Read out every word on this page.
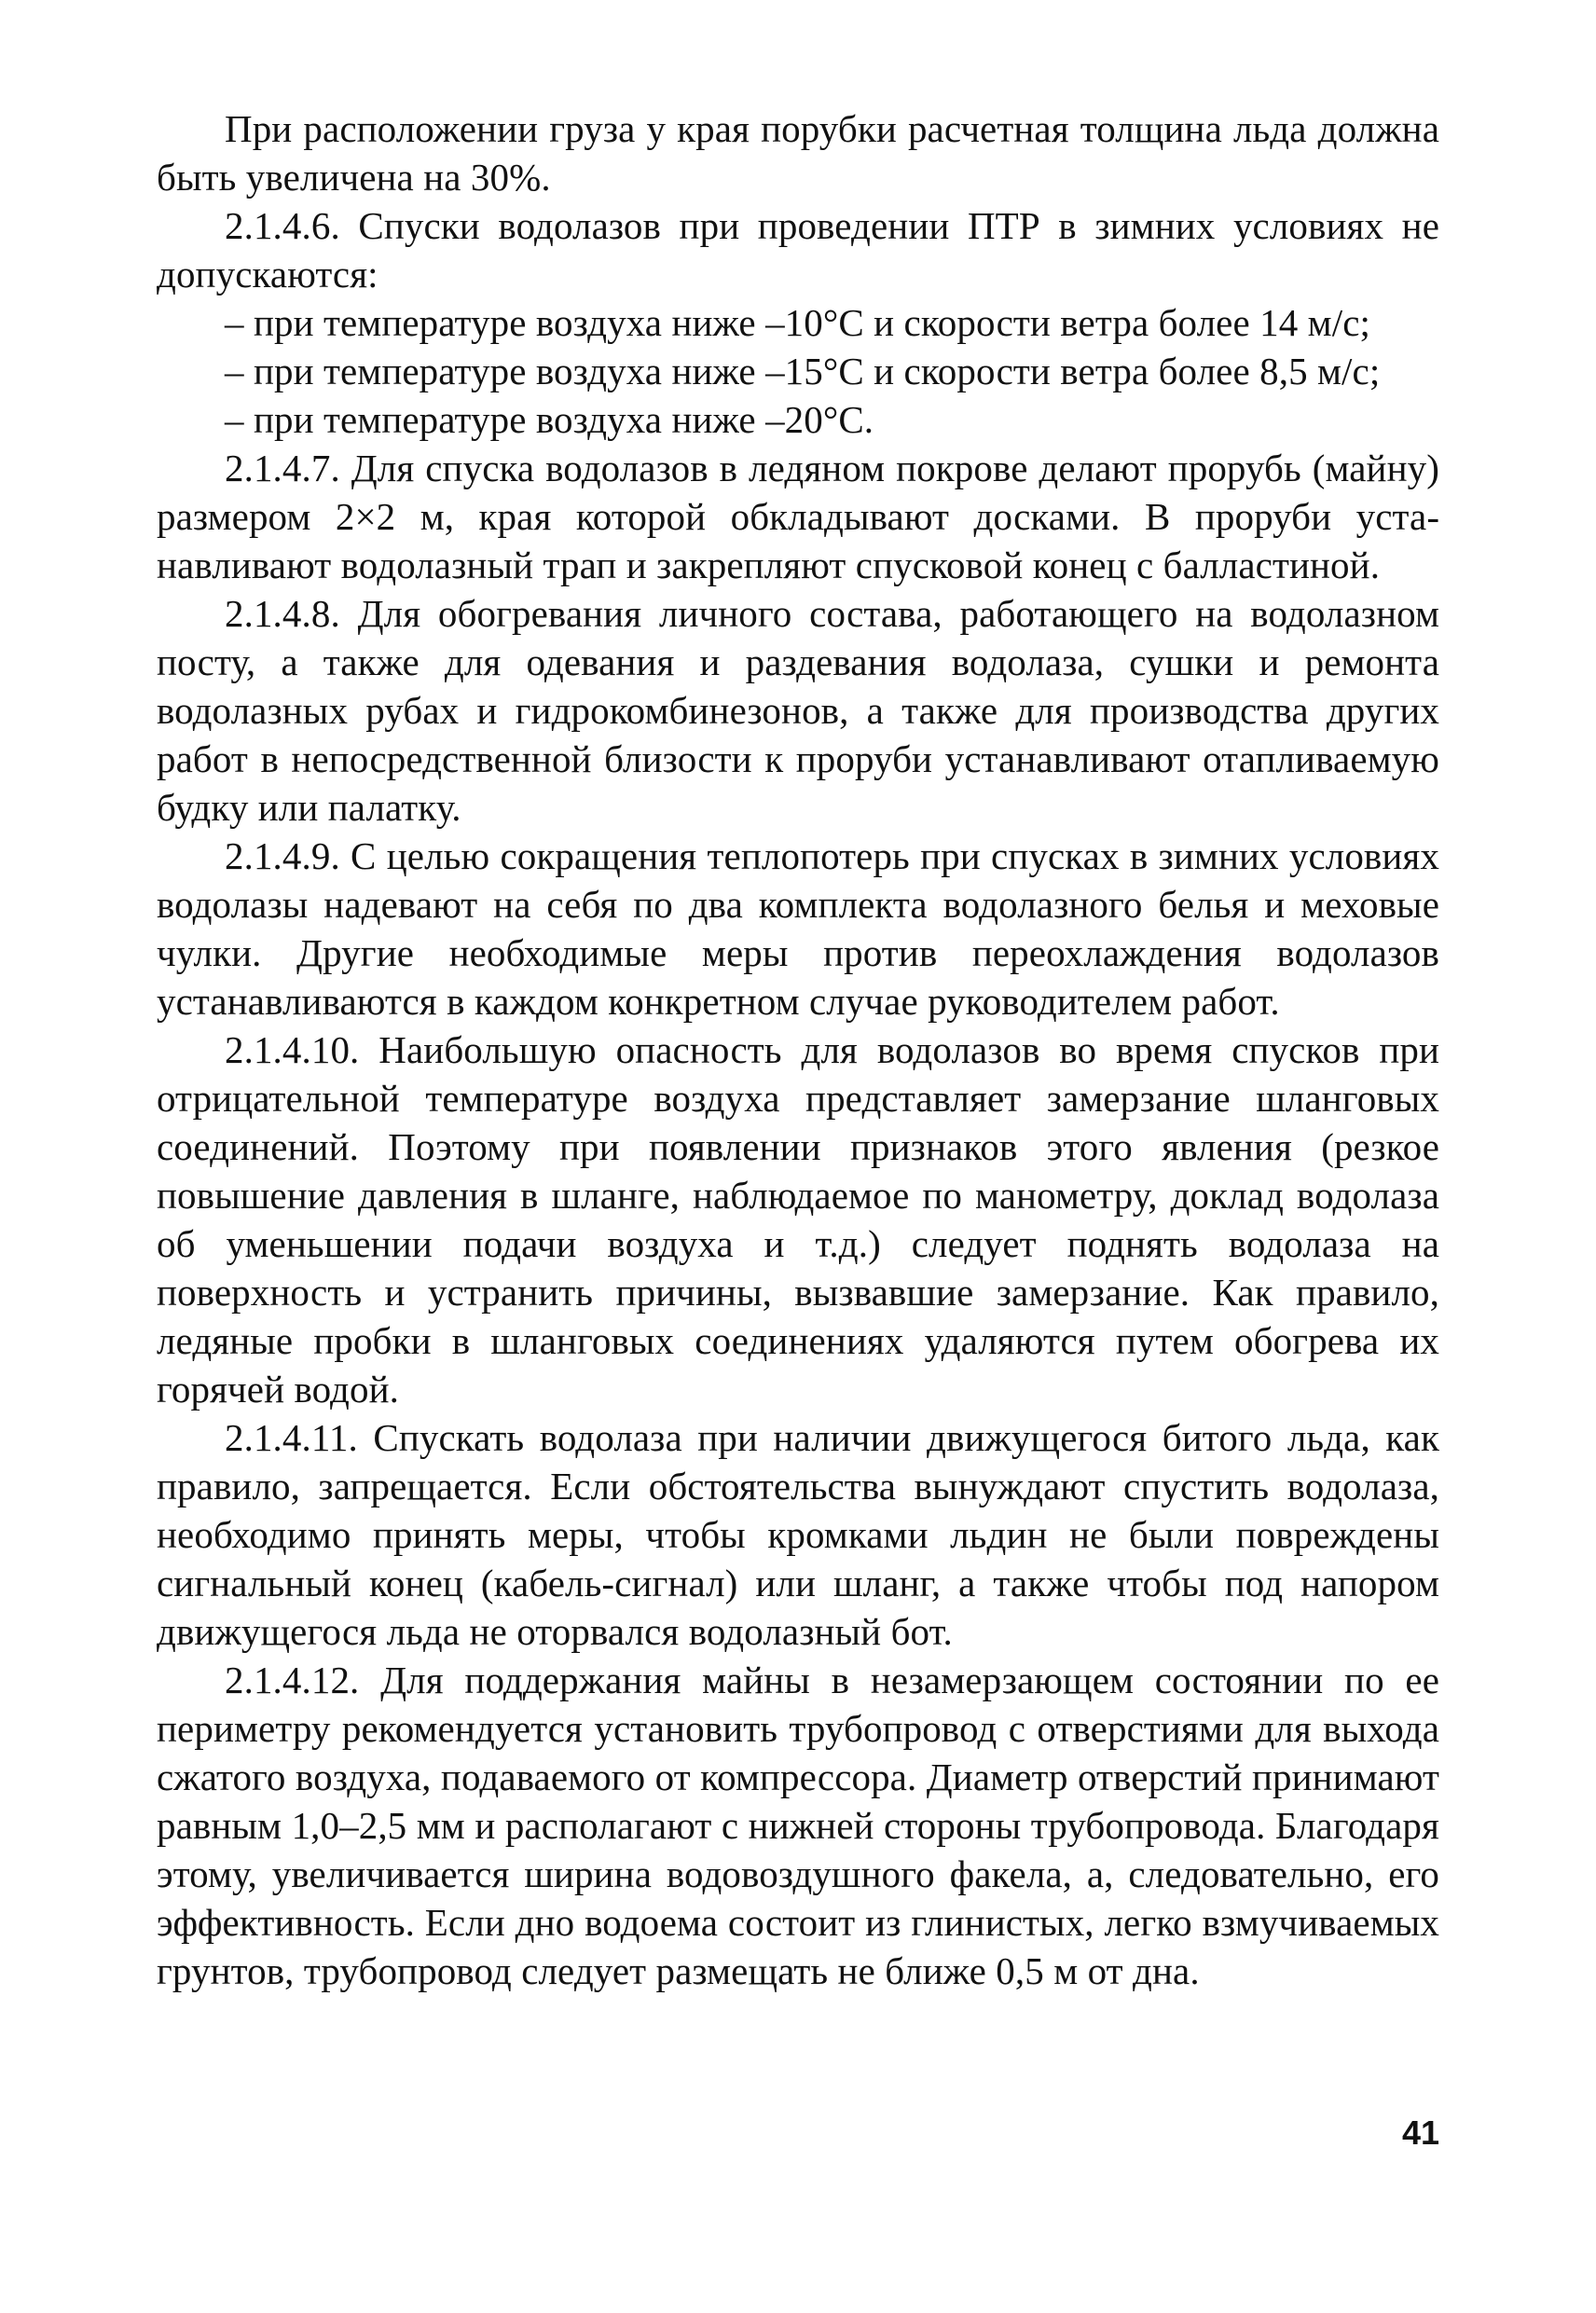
При расположении груза у края порубки расчетная толщина льда должна быть увеличена на 30%.

2.1.4.6. Спуски водолазов при проведении ПТР в зимних условиях не допускаются:

– при температуре воздуха ниже –10°С и скорости ветра более 14 м/с;

– при температуре воздуха ниже –15°С и скорости ветра более 8,5 м/с;

– при температуре воздуха ниже –20°С.

2.1.4.7. Для спуска водолазов в ледяном покрове делают прорубь (майну) размером 2×2 м, края которой обкладывают досками. В проруби устанавливают водолазный трап и закрепляют спусковой конец с балластиной.

2.1.4.8. Для обогревания личного состава, работающего на водолазном посту, а также для одевания и раздевания водолаза, сушки и ремонта водолазных рубах и гидрокомбинезонов, а также для производства других работ в непосредственной близости к проруби устанавливают отапливаемую будку или палатку.

2.1.4.9. С целью сокращения теплопотерь при спусках в зимних условиях водолазы надевают на себя по два комплекта водолазного белья и меховые чулки. Другие необходимые меры против переохлаждения водолазов устанавливаются в каждом конкретном случае руководителем работ.

2.1.4.10. Наибольшую опасность для водолазов во время спусков при отрицательной температуре воздуха представляет замерзание шланговых соединений. Поэтому при появлении признаков этого явления (резкое повышение давления в шланге, наблюдаемое по манометру, доклад водолаза об уменьшении подачи воздуха и т.д.) следует поднять водолаза на поверхность и устранить причины, вызвавшие замерзание. Как правило, ледяные пробки в шланговых соединениях удаляются путем обогрева их горячей водой.

2.1.4.11. Спускать водолаза при наличии движущегося битого льда, как правило, запрещается. Если обстоятельства вынуждают спустить водолаза, необходимо принять меры, чтобы кромками льдин не были повреждены сигнальный конец (кабель-сигнал) или шланг, а также чтобы под напором движущегося льда не оторвался водолазный бот.

2.1.4.12. Для поддержания майны в незамерзающем состоянии по ее периметру рекомендуется установить трубопровод с отверстиями для выхода сжатого воздуха, подаваемого от компрессора. Диаметр отверстий принимают равным 1,0–2,5 мм и располагают с нижней стороны трубопровода. Благодаря этому, увеличивается ширина водовоздушного факела, а, следовательно, его эффективность. Если дно водоема состоит из глинистых, легко взмучиваемых грунтов, трубопровод следует размещать не ближе 0,5 м от дна.

41
